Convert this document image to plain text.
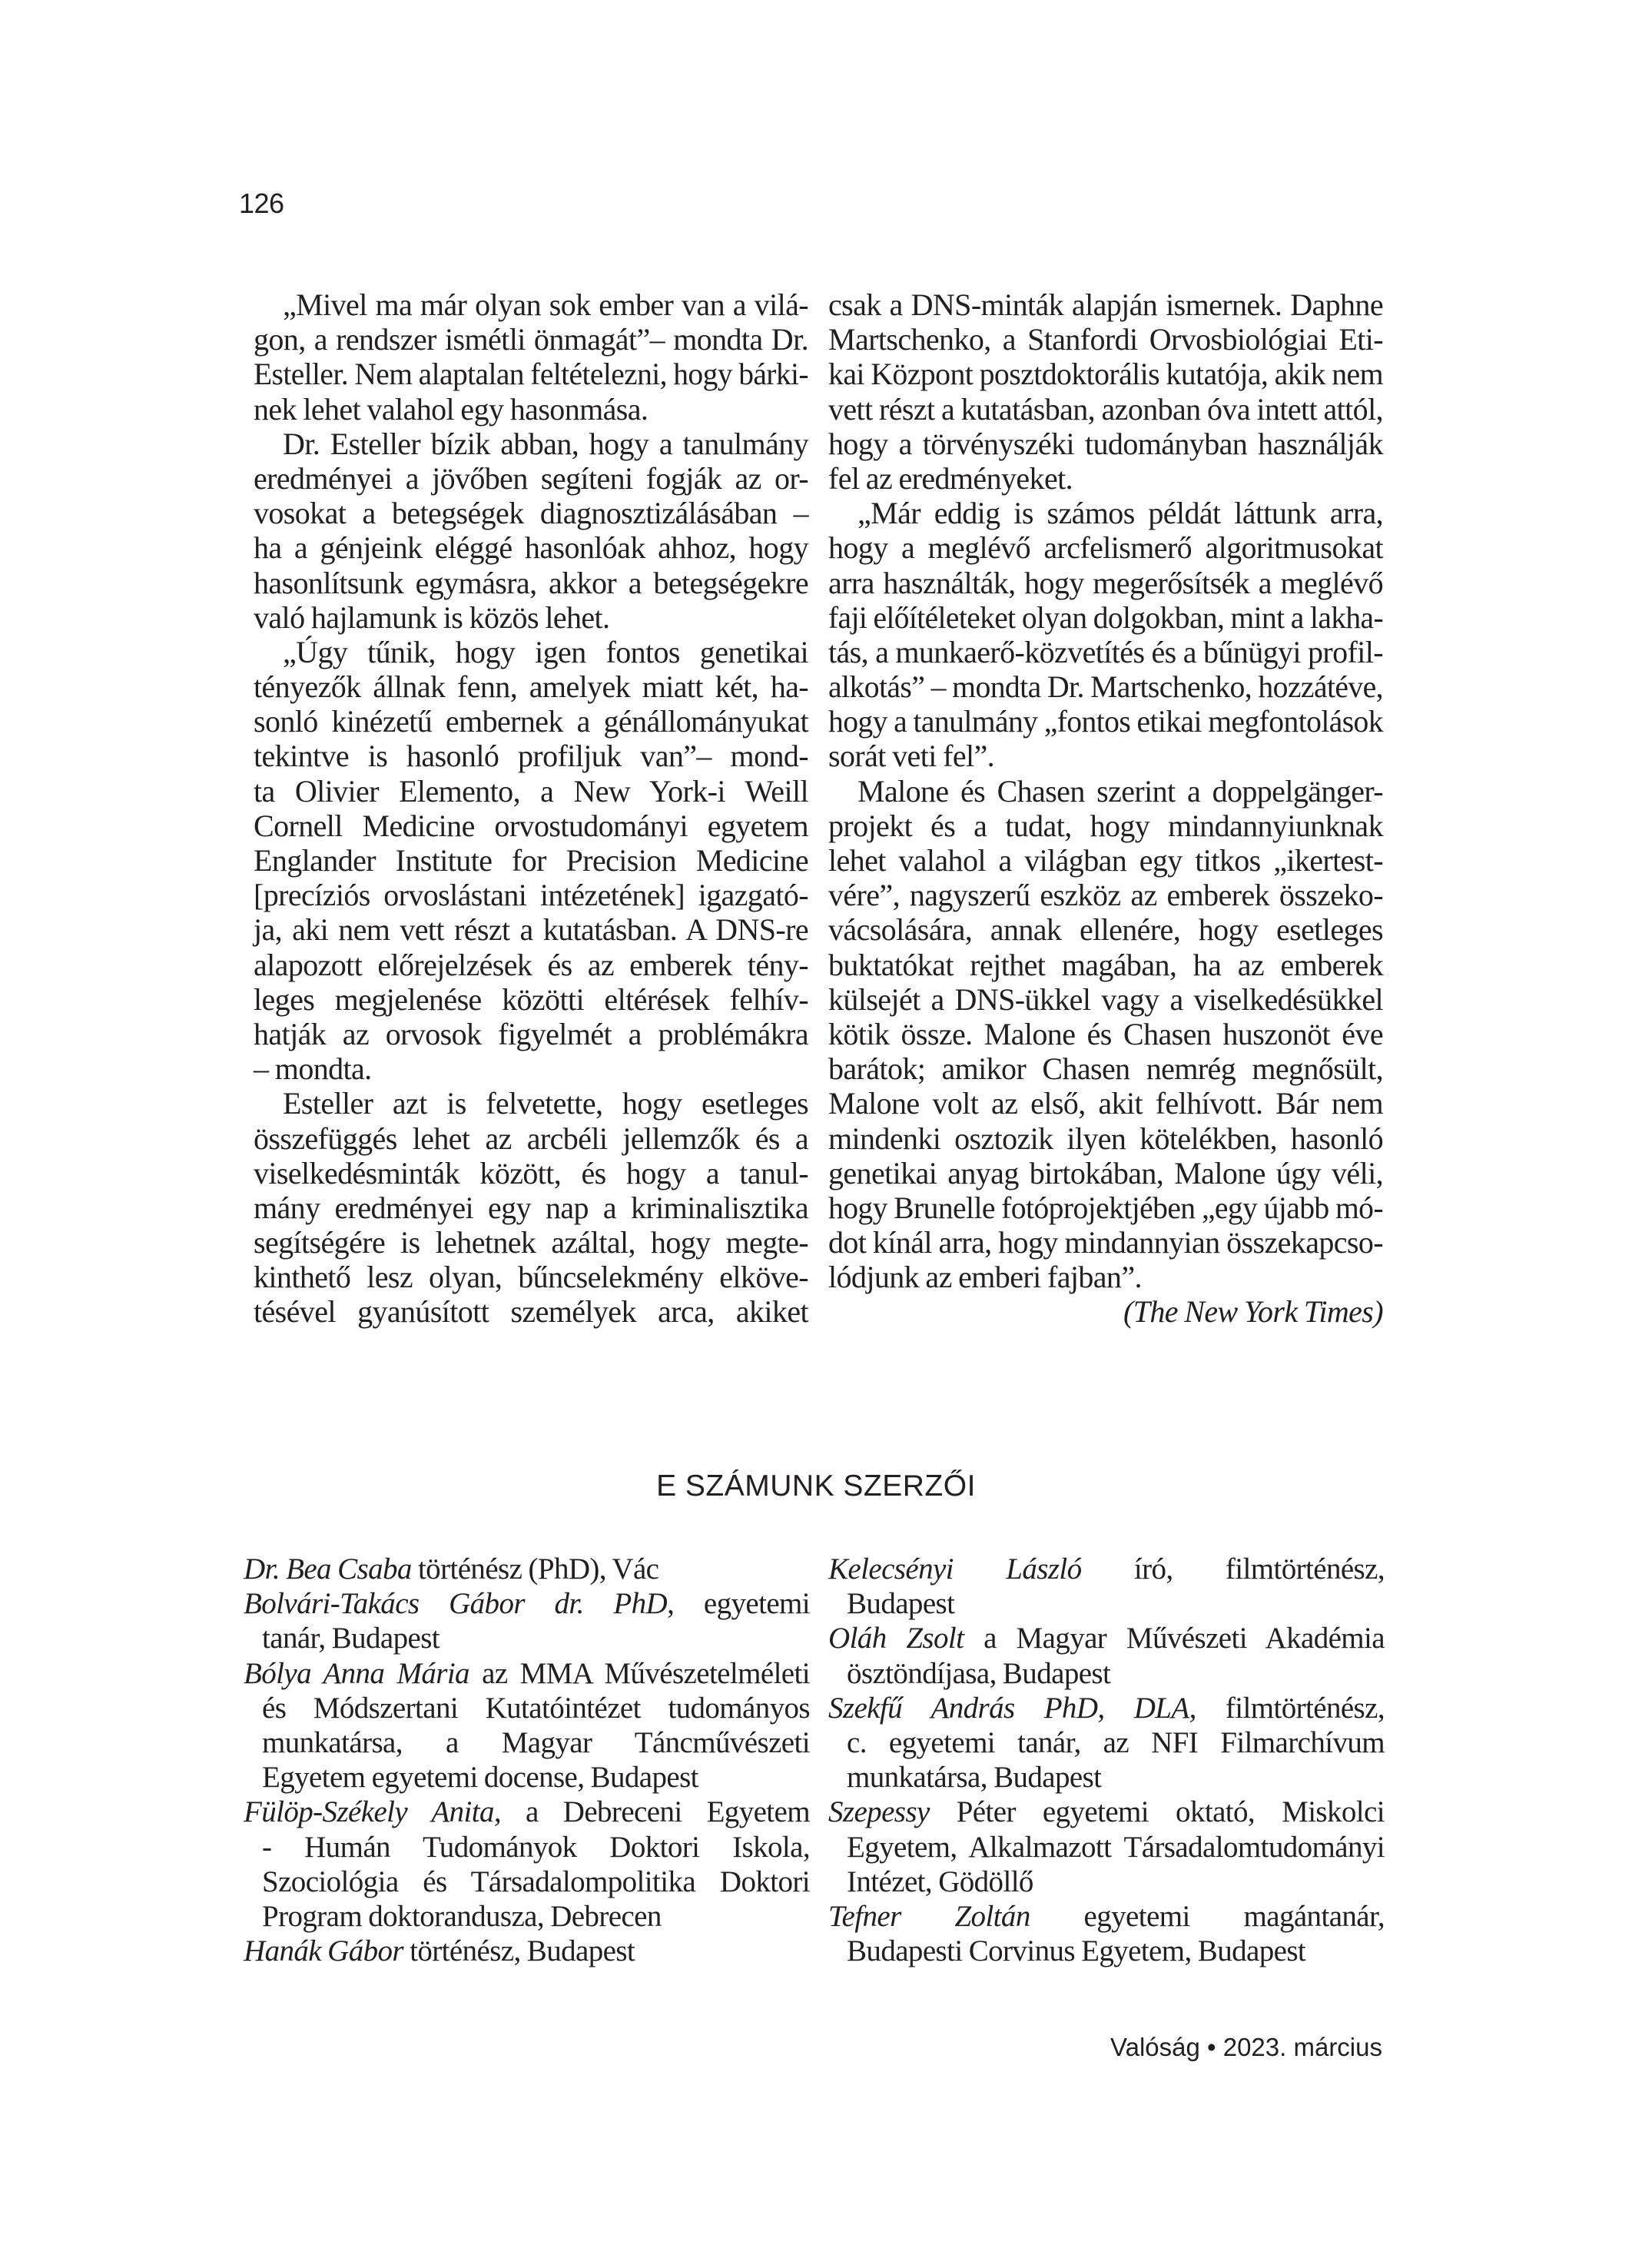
126
„Mivel ma már olyan sok ember van a vilá-
gon, a rendszer ismétli önmagát”– mondta Dr.
Esteller. Nem alaptalan feltételezni, hogy bárki-
nek lehet valahol egy hasonmása.
Dr. Esteller bízik abban, hogy a tanulmány
eredményei a jövőben segíteni fogják az or-
vosokat a betegségek diagnosztizálásában –
ha a génjeink eléggé hasonlóak ahhoz, hogy
hasonlítsunk egymásra, akkor a betegségekre
való hajlamunk is közös lehet.
„Úgy tűnik, hogy igen fontos genetikai
tényezők állnak fenn, amelyek miatt két, ha-
sonló kinézetű embernek a génállományukat
tekintve is hasonló profiljuk van”– mond-
ta Olivier Elemento, a New York-i Weill
Cornell Medicine orvostudományi egyetem
Englander Institute for Precision Medicine
[precíziós orvoslástani intézetének] igazgató-
ja, aki nem vett részt a kutatásban. A DNS-re
alapozott előrejelzések és az emberek tény-
leges megjelenése közötti eltérések felhív-
hatják az orvosok figyelmét a problémákra
– mondta.
Esteller azt is felvetette, hogy esetleges
összefüggés lehet az arcbéli jellemzők és a
viselkedésminták között, és hogy a tanul-
mány eredményei egy nap a kriminalisztika
segítségére is lehetnek azáltal, hogy megte-
kinthető lesz olyan, bűncselekmény elköve-
tésével gyanúsított személyek arca, akiket
csak a DNS-minták alapján ismernek. Daphne
Martschenko, a Stanfordi Orvosbiológiai Eti-
kai Központ posztdoktorális kutatója, akik nem
vett részt a kutatásban, azonban óva intett attól,
hogy a törvényszéki tudományban használják
fel az eredményeket.
„Már eddig is számos példát láttunk arra,
hogy a meglévő arcfelismerő algoritmusokat
arra használták, hogy megerősítsék a meglévő
faji előítéleteket olyan dolgokban, mint a lakha-
tás, a munkaerő-közvetítés és a bűnügyi profil-
alkotás” – mondta Dr. Martschenko, hozzátéve,
hogy a tanulmány „fontos etikai megfontolások
sorát veti fel”.
Malone és Chasen szerint a doppelgänger-
projekt és a tudat, hogy mindannyiunknak
lehet valahol a világban egy titkos „ikertest-
vére”, nagyszerű eszköz az emberek összeko-
vácsolására, annak ellenére, hogy esetleges
buktatókat rejthet magában, ha az emberek
külsejét a DNS-ükkel vagy a viselkedésükkel
kötik össze. Malone és Chasen huszonöt éve
barátok; amikor Chasen nemrég megnősült,
Malone volt az első, akit felhívott. Bár nem
mindenki osztozik ilyen kötelékben, hasonló
genetikai anyag birtokában, Malone úgy véli,
hogy Brunelle fotóprojektjében „egy újabb mó-
dot kínál arra, hogy mindannyian összekapcso-
lódjunk az emberi fajban”.
(The New York Times)
E SZÁMUNK SZERZŐI
Dr. Bea Csaba történész (PhD), Vác
Bolvári-Takács Gábor dr. PhD, egyetemi
tanár, Budapest
Bólya Anna Mária az MMA Művészetelméleti
és Módszertani Kutatóintézet tudományos
munkatársa, a Magyar Táncművészeti
Egyetem egyetemi docense, Budapest
Fülöp-Székely Anita, a Debreceni Egyetem
- Humán Tudományok Doktori Iskola,
Szociológia és Társadalompolitika Doktori
Program doktorandusza, Debrecen
Hanák Gábor történész, Budapest
Kelecsényi László író, filmtörténész,
Budapest
Oláh Zsolt a Magyar Művészeti Akadémia
ösztöndíjasa, Budapest
Szekfű András PhD, DLA, filmtörténész,
c. egyetemi tanár, az NFI Filmarchívum
munkatársa, Budapest
Szepessy Péter egyetemi oktató, Miskolci
Egyetem, Alkalmazott Társadalomtudományi
Intézet, Gödöllő
Tefner Zoltán egyetemi magántanár,
Budapesti Corvinus Egyetem, Budapest
Valóság • 2023. március
